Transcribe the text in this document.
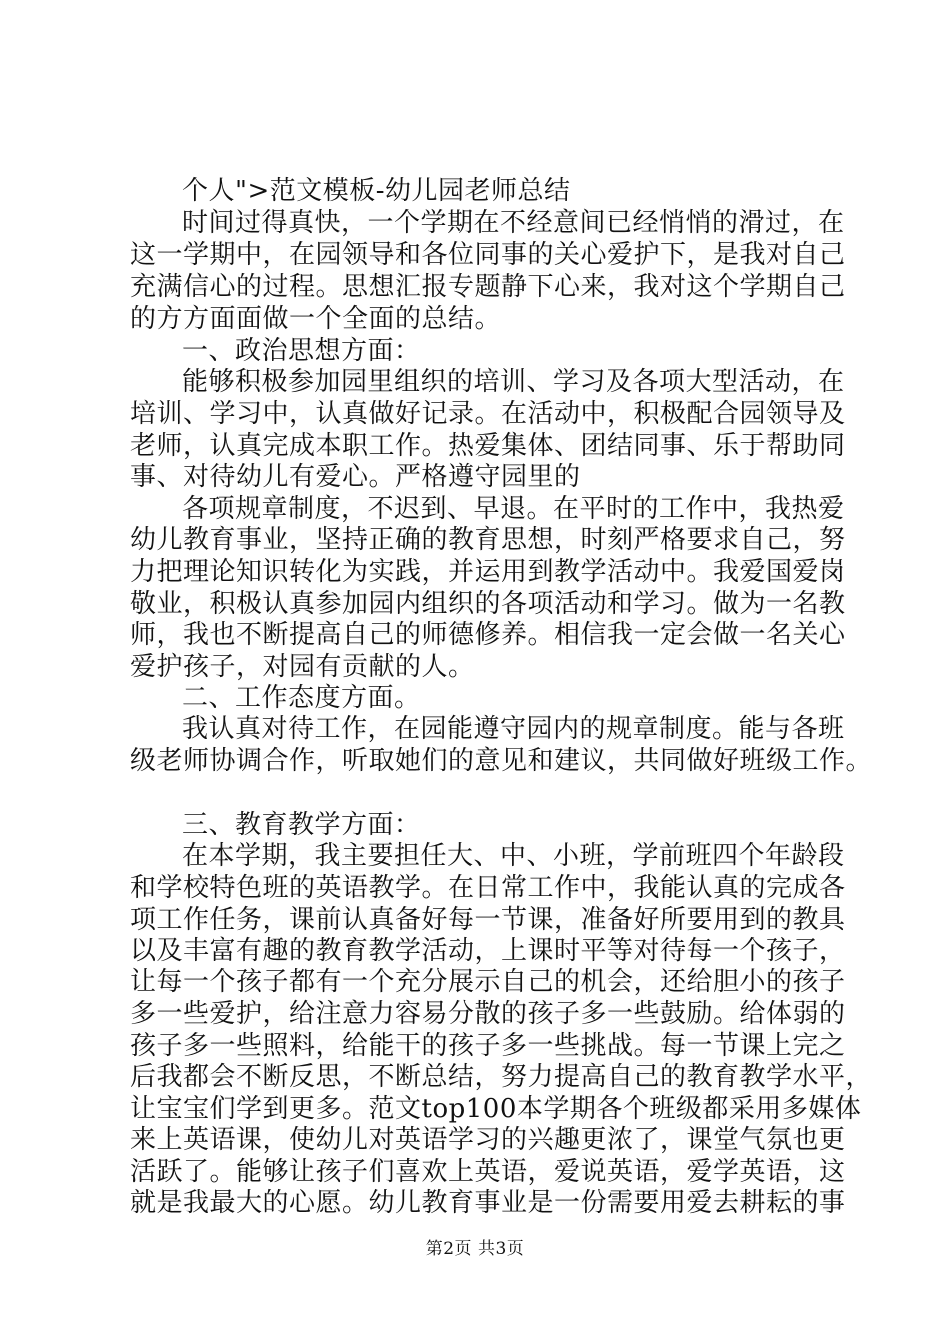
个人">范文模板-幼儿园老师总结
时间过得真快，一个学期在不经意间已经悄悄的滑过，在
这一学期中，在园领导和各位同事的关心爱护下，是我对自己
充满信心的过程。思想汇报专题静下心来，我对这个学期自己
的方方面面做一个全面的总结。
一、政治思想方面：
能够积极参加园里组织的培训、学习及各项大型活动，在
培训、学习中，认真做好记录。在活动中，积极配合园领导及
老师，认真完成本职工作。热爱集体、团结同事、乐于帮助同
事、对待幼儿有爱心。严格遵守园里的
各项规章制度，不迟到、早退。在平时的工作中，我热爱
幼儿教育事业，坚持正确的教育思想，时刻严格要求自己，努
力把理论知识转化为实践，并运用到教学活动中。我爱国爱岗
敬业，积极认真参加园内组织的各项活动和学习。做为一名教
师，我也不断提高自己的师德修养。相信我一定会做一名关心
爱护孩子，对园有贡献的人。
二、工作态度方面。
我认真对待工作，在园能遵守园内的规章制度。能与各班
级老师协调合作，听取她们的意见和建议，共同做好班级工作。
三、教育教学方面：
在本学期，我主要担任大、中、小班，学前班四个年龄段
和学校特色班的英语教学。在日常工作中，我能认真的完成各
项工作任务，课前认真备好每一节课，准备好所要用到的教具
以及丰富有趣的教育教学活动，上课时平等对待每一个孩子，
让每一个孩子都有一个充分展示自己的机会，还给胆小的孩子
多一些爱护，给注意力容易分散的孩子多一些鼓励。给体弱的
孩子多一些照料，给能干的孩子多一些挑战。每一节课上完之
后我都会不断反思，不断总结，努力提高自己的教育教学水平，
让宝宝们学到更多。范文top100本学期各个班级都采用多媒体
来上英语课，使幼儿对英语学习的兴趣更浓了，课堂气氛也更
活跃了。能够让孩子们喜欢上英语，爱说英语，爱学英语，这
就是我最大的心愿。幼儿教育事业是一份需要用爱去耕耘的事
第2页 共3页
